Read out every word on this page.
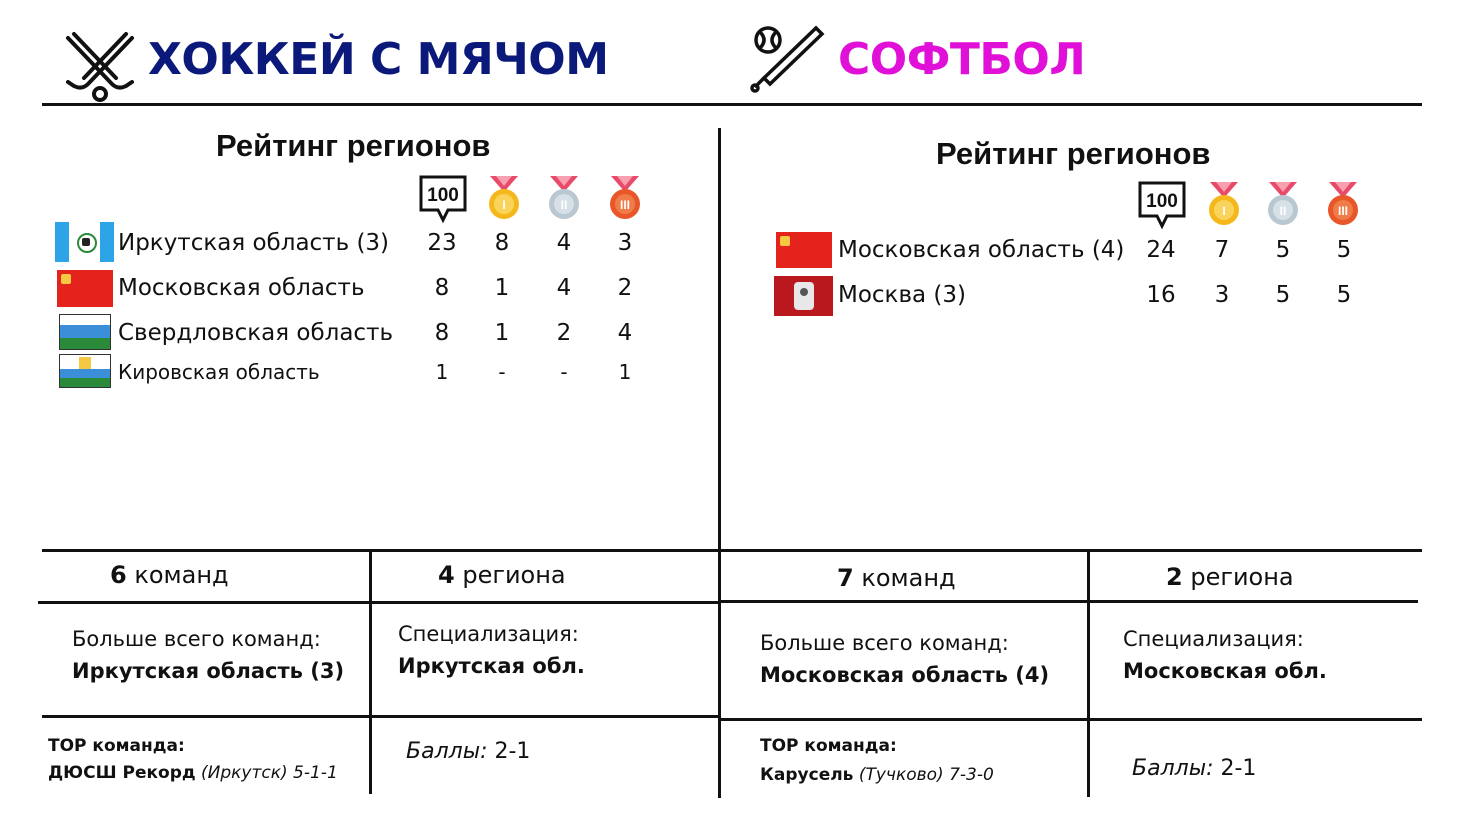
ХОККЕЙ С МЯЧОМ	СОФТБОЛ
Рейтинг регионов
100	I	II	III
Иркутская область (3) 23	8	4	3
Московская область	8	1	4	2
Свердловская область	8	1	2	4
Кировская область	1	-	-	1
Рейтинг регионов
100	I	II	III
Московская область (4) 24	7	5	5
Москва (3)	16	3	5	5
6 команд	4 региона
Больше всего команд:
Иркутская область (3)
Специализация:
Иркутская обл.
TOP команда:
ДЮСШ Рекорд (Иркутск) 5-1-1
Баллы: 2-1
7 команд	2 региона
Больше всего команд:
Московская область (4)
Специализация:
Московская обл.
TOP команда:
Карусель (Тучково) 7-3-0	Баллы: 2-1
